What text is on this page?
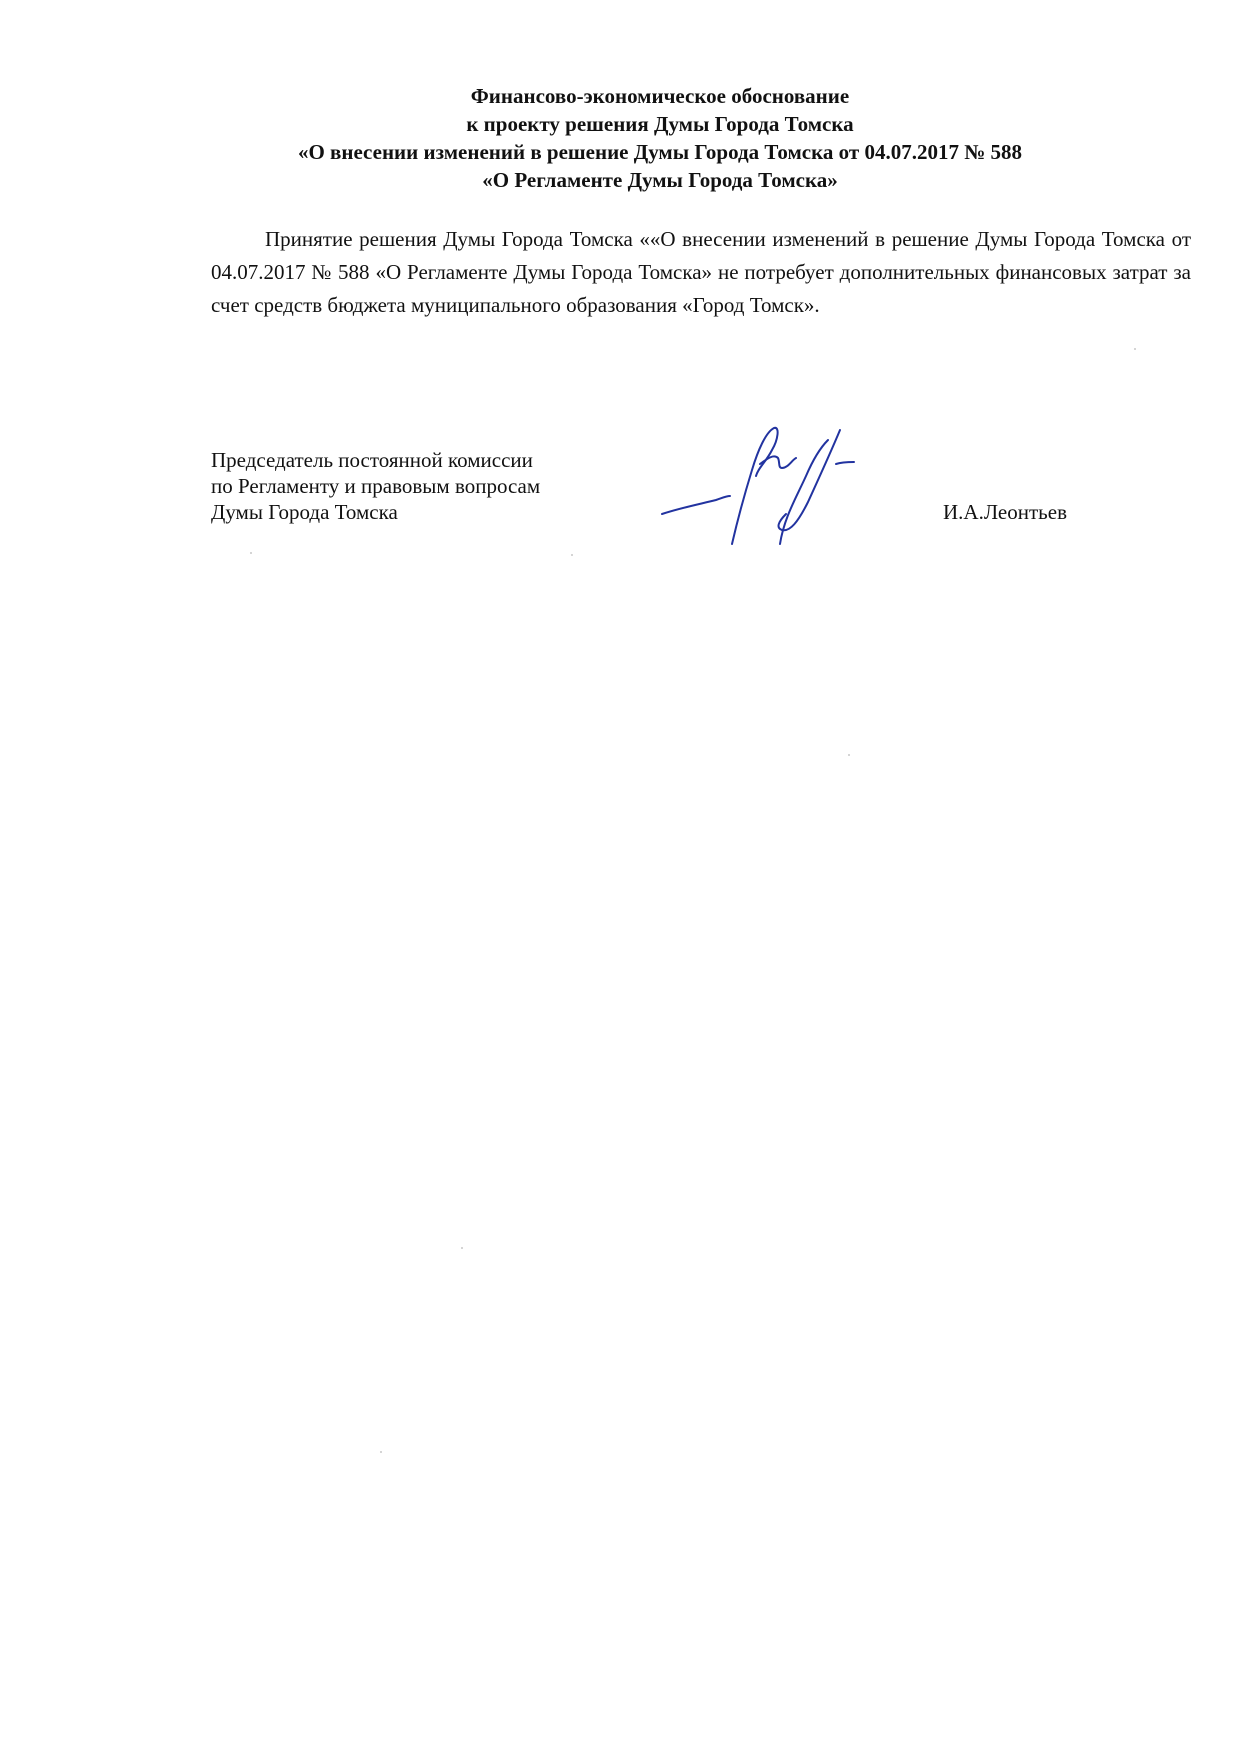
Финансово-экономическое обоснование
к проекту решения Думы Города Томска
«О внесении изменений в решение Думы Города Томска от 04.07.2017 № 588
«О Регламенте Думы Города Томска»

Принятие решения Думы Города Томска ««О внесении изменений в решение Думы Города Томска от 04.07.2017 № 588 «О Регламенте Думы Города Томска» не потребует дополнительных финансовых затрат за счет средств бюджета муниципального образования «Город Томск».

Председатель постоянной комиссии
по Регламенту и правовым вопросам
Думы Города Томска	И.А.Леонтьев
